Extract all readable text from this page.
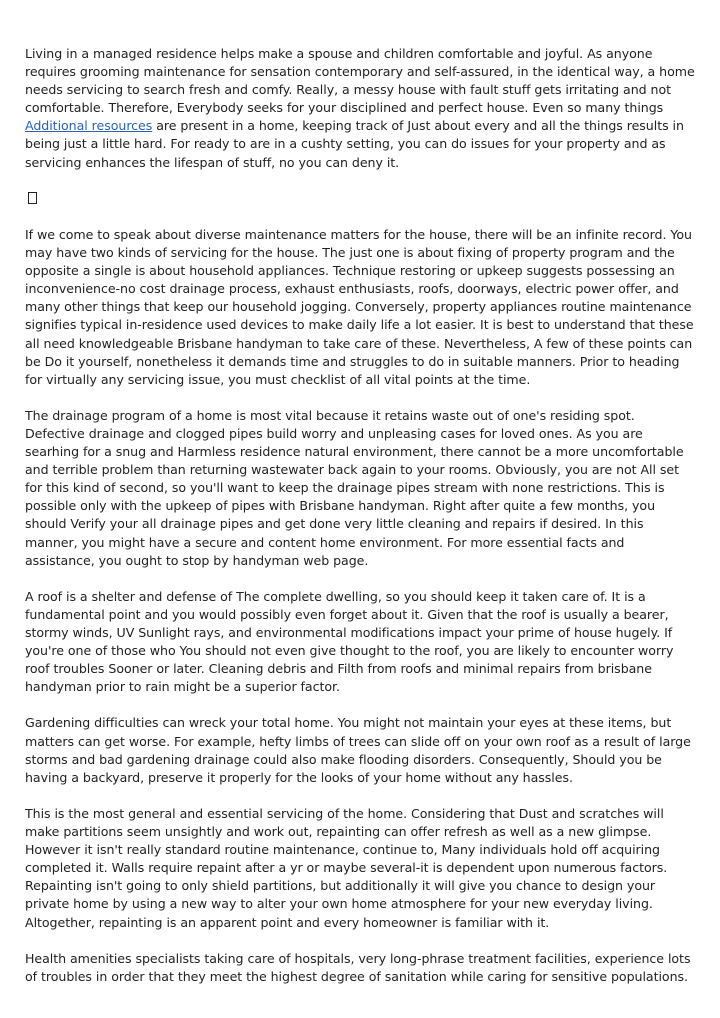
Living in a managed residence helps make a spouse and children comfortable and joyful. As anyone requires grooming maintenance for sensation contemporary and self-assured, in the identical way, a home needs servicing to search fresh and comfy. Really, a messy house with fault stuff gets irritating and not comfortable. Therefore, Everybody seeks for your disciplined and perfect house. Even so many things Additional resources are present in a home, keeping track of Just about every and all the things results in being just a little hard. For ready to are in a cushty setting, you can do issues for your property and as servicing enhances the lifespan of stuff, no you can deny it.

If we come to speak about diverse maintenance matters for the house, there will be an infinite record. You may have two kinds of servicing for the house. The just one is about fixing of property program and the opposite a single is about household appliances. Technique restoring or upkeep suggests possessing an inconvenience-no cost drainage process, exhaust enthusiasts, roofs, doorways, electric power offer, and many other things that keep our household jogging. Conversely, property appliances routine maintenance signifies typical in-residence used devices to make daily life a lot easier. It is best to understand that these all need knowledgeable Brisbane handyman to take care of these. Nevertheless, A few of these points can be Do it yourself, nonetheless it demands time and struggles to do in suitable manners. Prior to heading for virtually any servicing issue, you must checklist of all vital points at the time.

The drainage program of a home is most vital because it retains waste out of one's residing spot. Defective drainage and clogged pipes build worry and unpleasing cases for loved ones. As you are searhing for a snug and Harmless residence natural environment, there cannot be a more uncomfortable and terrible problem than returning wastewater back again to your rooms. Obviously, you are not All set for this kind of second, so you'll want to keep the drainage pipes stream with none restrictions. This is possible only with the upkeep of pipes with Brisbane handyman. Right after quite a few months, you should Verify your all drainage pipes and get done very little cleaning and repairs if desired. In this manner, you might have a secure and content home environment. For more essential facts and assistance, you ought to stop by handyman web page.

A roof is a shelter and defense of The complete dwelling, so you should keep it taken care of. It is a fundamental point and you would possibly even forget about it. Given that the roof is usually a bearer, stormy winds, UV Sunlight rays, and environmental modifications impact your prime of house hugely. If you're one of those who You should not even give thought to the roof, you are likely to encounter worry roof troubles Sooner or later. Cleaning debris and Filth from roofs and minimal repairs from brisbane handyman prior to rain might be a superior factor.

Gardening difficulties can wreck your total home. You might not maintain your eyes at these items, but matters can get worse. For example, hefty limbs of trees can slide off on your own roof as a result of large storms and bad gardening drainage could also make flooding disorders. Consequently, Should you be having a backyard, preserve it properly for the looks of your home without any hassles.

This is the most general and essential servicing of the home. Considering that Dust and scratches will make partitions seem unsightly and work out, repainting can offer refresh as well as a new glimpse. However it isn't really standard routine maintenance, continue to, Many individuals hold off acquiring completed it. Walls require repaint after a yr or maybe several-it is dependent upon numerous factors. Repainting isn't going to only shield partitions, but additionally it will give you chance to design your private home by using a new way to alter your own home atmosphere for your new everyday living. Altogether, repainting is an apparent point and every homeowner is familiar with it.

Health amenities specialists taking care of hospitals, very long-phrase treatment facilities, experience lots of troubles in order that they meet the highest degree of sanitation while caring for sensitive populations.
